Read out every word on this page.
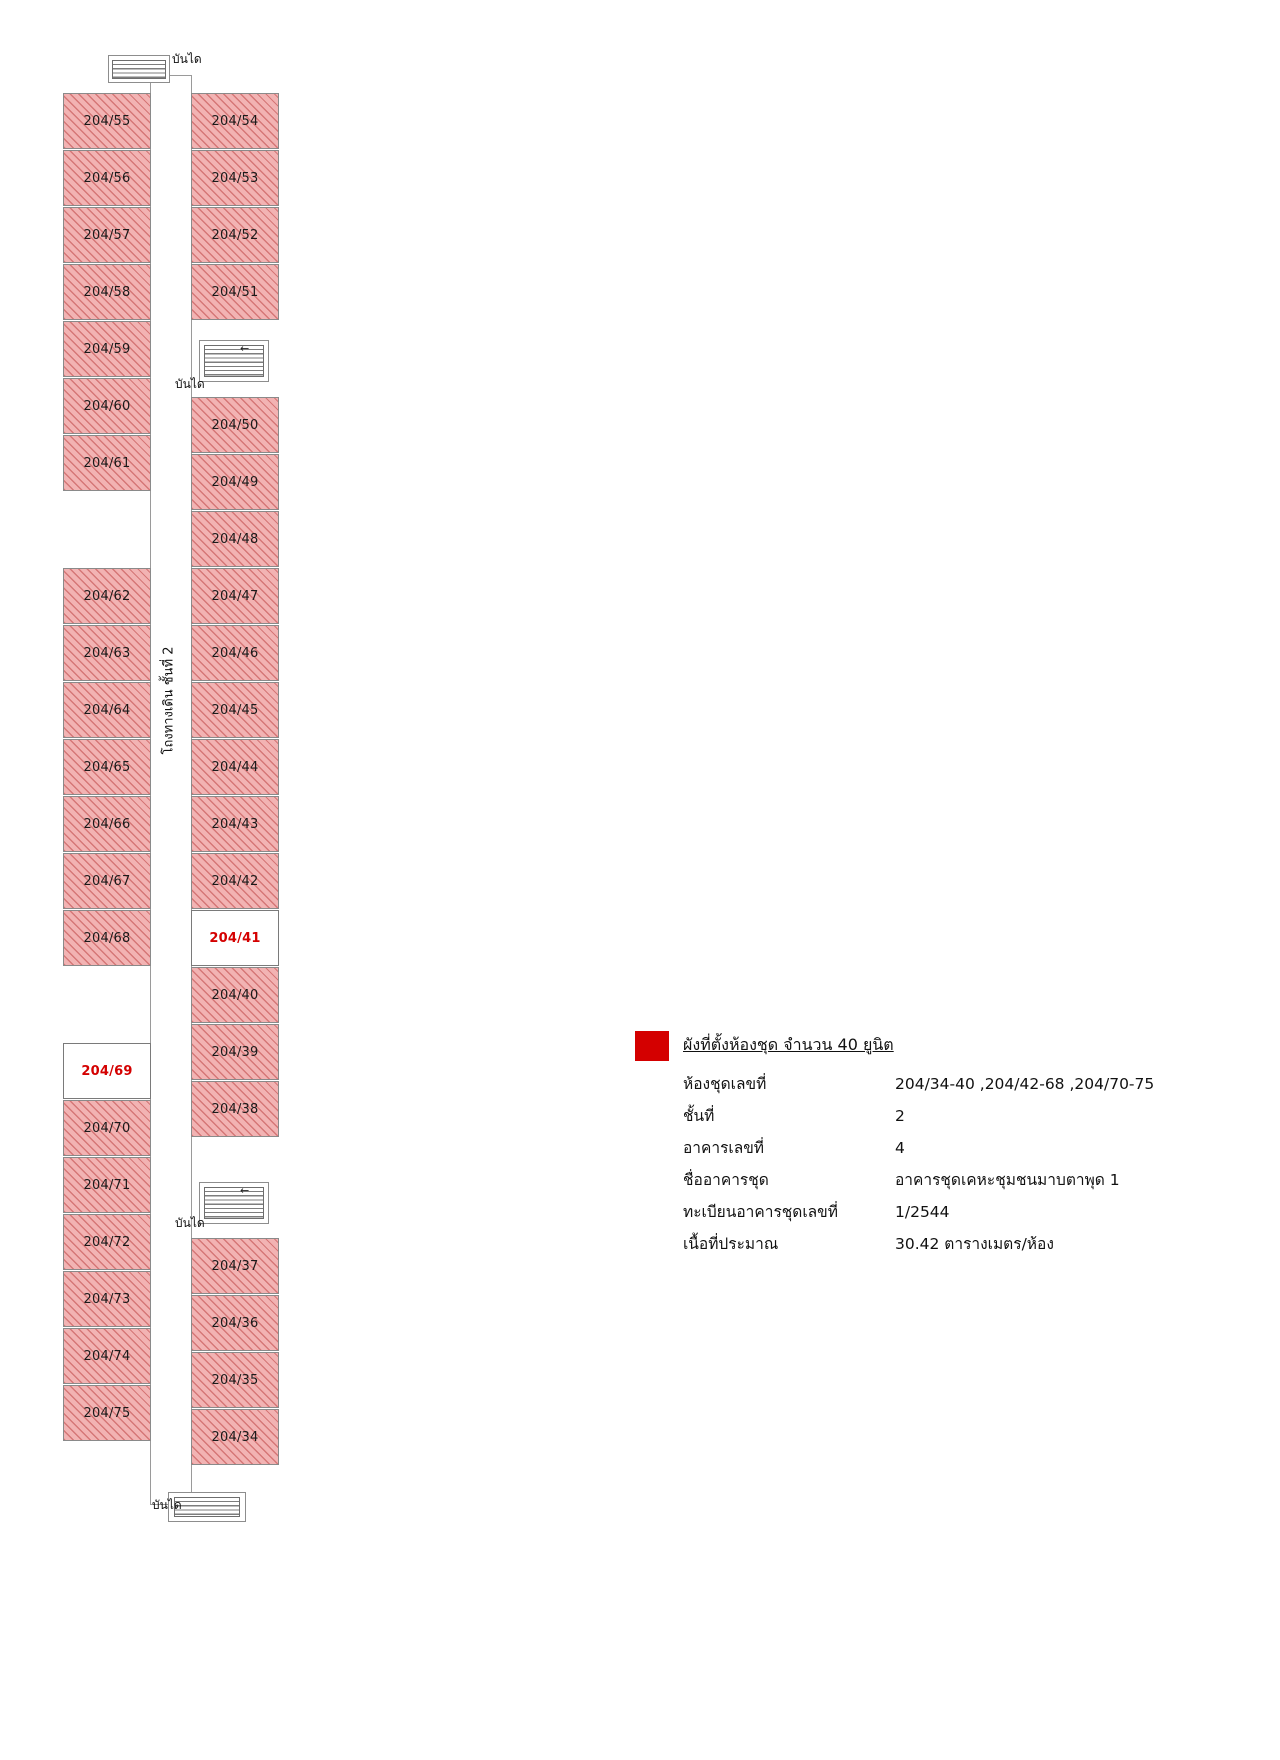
โถงทางเดิน ชั้นที่ 2
บันได
←
บันได
←
บันได
บันได
204/55
204/56
204/57
204/58
204/59
204/60
204/61
204/62
204/63
204/64
204/65
204/66
204/67
204/68
204/69
204/70
204/71
204/72
204/73
204/74
204/75
204/54
204/53
204/52
204/51
204/50
204/49
204/48
204/47
204/46
204/45
204/44
204/43
204/42
204/41
204/40
204/39
204/38
204/37
204/36
204/35
204/34
ผังที่ตั้งห้องชุด จำนวน 40 ยูนิต
ห้องชุดเลขที่	204/34-40 ,204/42-68 ,204/70-75
ชั้นที่	2
อาคารเลขที่	4
ชื่ออาคารชุด	อาคารชุดเคหะชุมชนมาบตาพุด 1
ทะเบียนอาคารชุดเลขที่	1/2544
เนื้อที่ประมาณ	30.42 ตารางเมตร/ห้อง
